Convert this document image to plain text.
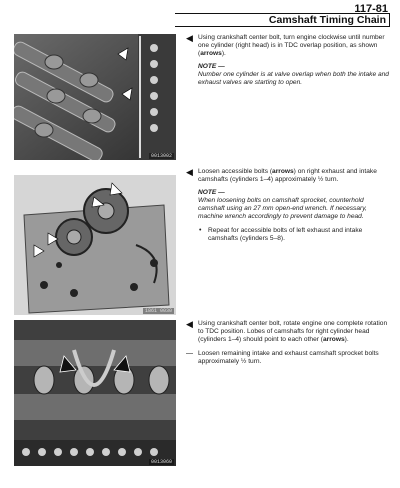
117-81
Camshaft Timing Chain
0013002
1861 0030
0013060
◀ Using crankshaft center bolt, turn engine clockwise until number one cylinder (right head) is in TDC overlap position, as shown (arrows).
NOTE —
Number one cylinder is at valve overlap when both the intake and exhaust valves are starting to open.
◀ Loosen accessible bolts (arrows) on right exhaust and intake camshafts (cylinders 1–4) approximately ½ turn.
NOTE —
When loosening bolts on camshaft sprocket, counterhold camshaft using an 27 mm open-end wrench. If necessary, machine wrench accordingly to prevent damage to head.
• Repeat for accessible bolts of left exhaust and intake camshafts (cylinders 5–8).
◀ Using crankshaft center bolt, rotate engine one complete rotation to TDC position. Lobes of camshafts for right cylinder head (cylinders 1–4) should point to each other (arrows).
— Loosen remaining intake and exhaust camshaft sprocket bolts approximately ½ turn.
